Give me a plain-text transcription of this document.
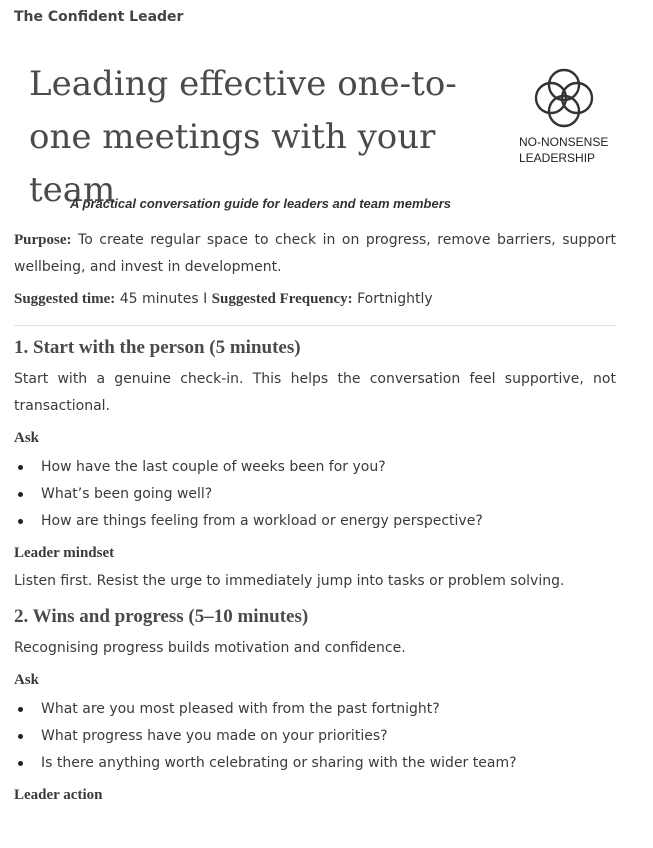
The Confident Leader
Leading effective one-to-one meetings with your team
NO-NONSENSE
LEADERSHIP
A practical conversation guide for leaders and team members

Purpose: To create regular space to check in on progress, remove barriers, support wellbeing, and invest in development.

Suggested time: 45 minutes I Suggested Frequency: Fortnightly

1. Start with the person (5 minutes)

Start with a genuine check-in. This helps the conversation feel supportive, not transactional.

Ask
How have the last couple of weeks been for you?
What’s been going well?
How are things feeling from a workload or energy perspective?
Leader mindset

Listen first. Resist the urge to immediately jump into tasks or problem solving.

2. Wins and progress (5–10 minutes)

Recognising progress builds motivation and confidence.

Ask
What are you most pleased with from the past fortnight?
What progress have you made on your priorities?
Is there anything worth celebrating or sharing with the wider team?
Leader action
